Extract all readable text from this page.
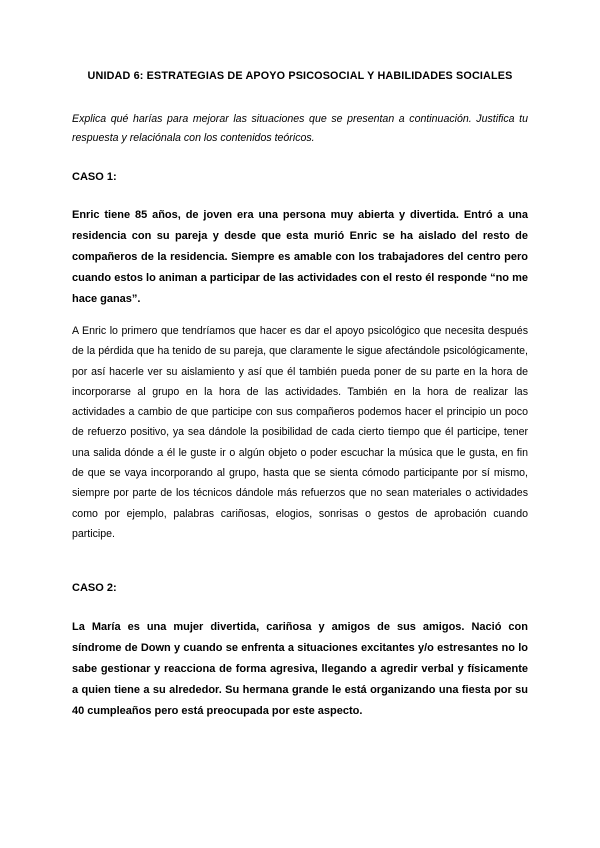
UNIDAD 6: ESTRATEGIAS DE APOYO PSICOSOCIAL Y HABILIDADES SOCIALES

Explica qué harías para mejorar las situaciones que se presentan a continuación. Justifica tu respuesta y relaciónala con los contenidos teóricos.

CASO 1:

Enric tiene 85 años, de joven era una persona muy abierta y divertida. Entró a una residencia con su pareja y desde que esta murió Enric se ha aislado del resto de compañeros de la residencia. Siempre es amable con los trabajadores del centro pero cuando estos lo animan a participar de las actividades con el resto él responde “no me hace ganas”.

A Enric lo primero que tendríamos que hacer es dar el apoyo psicológico que necesita después de la pérdida que ha tenido de su pareja, que claramente le sigue afectándole psicológicamente, por así hacerle ver su aislamiento y así que él también pueda poner de su parte en la hora de incorporarse al grupo en la hora de las actividades. También en la hora de realizar las actividades a cambio de que participe con sus compañeros podemos hacer el principio un poco de refuerzo positivo, ya sea dándole la posibilidad de cada cierto tiempo que él participe, tener una salida dónde a él le guste ir o algún objeto o poder escuchar la música que le gusta, en fin de que se vaya incorporando al grupo, hasta que se sienta cómodo participante por sí mismo, siempre por parte de los técnicos dándole más refuerzos que no sean materiales o actividades como por ejemplo, palabras cariñosas, elogios, sonrisas o gestos de aprobación cuando participe.

CASO 2:

La María es una mujer divertida, cariñosa y amigos de sus amigos. Nació con síndrome de Down y cuando se enfrenta a situaciones excitantes y/o estresantes no lo sabe gestionar y reacciona de forma agresiva, llegando a agredir verbal y físicamente a quien tiene a su alrededor. Su hermana grande le está organizando una fiesta por su 40 cumpleaños pero está preocupada por este aspecto.
